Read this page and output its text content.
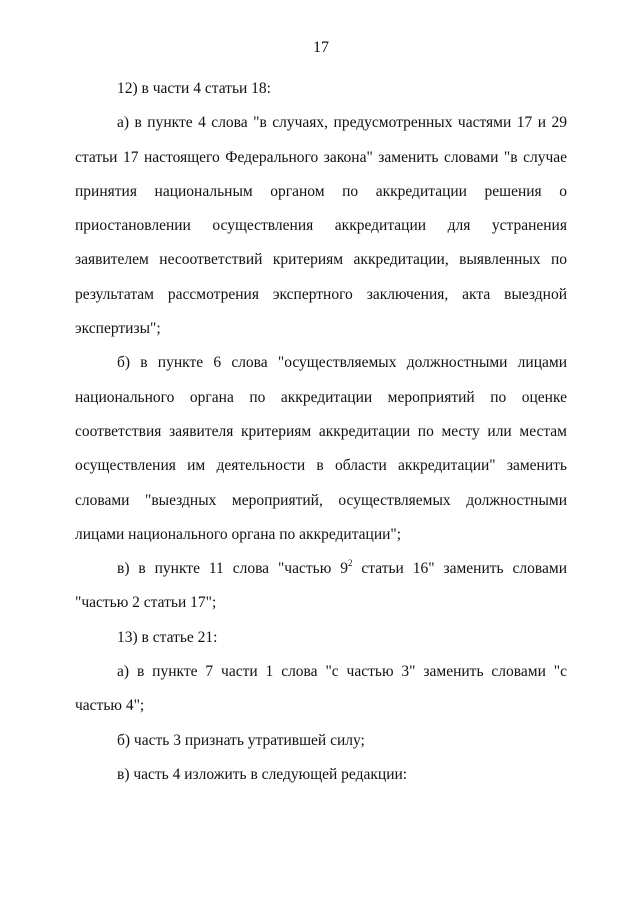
17

12) в части 4 статьи 18:

а) в пункте 4 слова "в случаях, предусмотренных частями 17 и 29 статьи 17 настоящего Федерального закона" заменить словами "в случае принятия национальным органом по аккредитации решения о приостановлении осуществления аккредитации для устранения заявителем несоответствий критериям аккредитации, выявленных по результатам рассмотрения экспертного заключения, акта выездной экспертизы";

б) в пункте 6 слова "осуществляемых должностными лицами национального органа по аккредитации мероприятий по оценке соответствия заявителя критериям аккредитации по месту или местам осуществления им деятельности в области аккредитации" заменить словами "выездных мероприятий, осуществляемых должностными лицами национального органа по аккредитации";

в) в пункте 11 слова "частью $9^2$ статьи 16" заменить словами "частью 2 статьи 17";

13) в статье 21:

а) в пункте 7 части 1 слова "с частью 3" заменить словами "с частью 4";

б) часть 3 признать утратившей силу;

в) часть 4 изложить в следующей редакции:
